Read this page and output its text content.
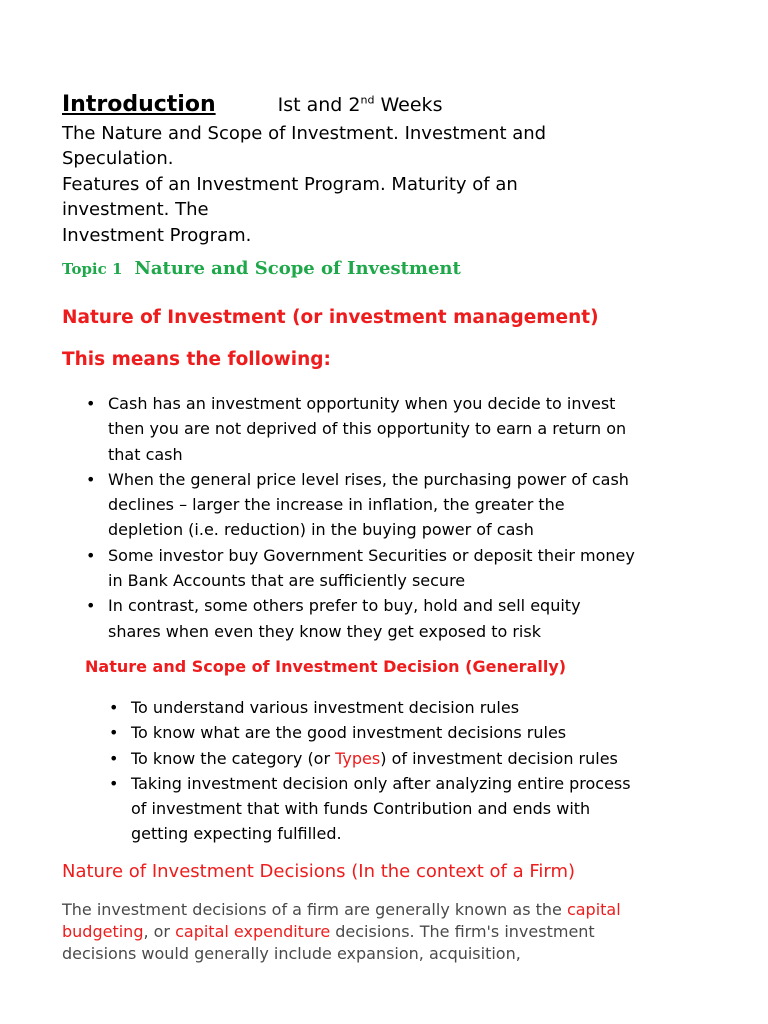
Introduction	Ist and 2nd Weeks
The Nature and Scope of Investment. Investment and
Speculation.
Features of an Investment Program. Maturity of an
investment. The
Investment Program.
Topic 1 Nature and Scope of Investment
Nature of Investment (or investment management)
This means the following:
• Cash has an investment opportunity when you decide to invest
then you are not deprived of this opportunity to earn a return on
that cash
• When the general price level rises, the purchasing power of cash
declines – larger the increase in inflation, the greater the
depletion (i.e. reduction) in the buying power of cash
• Some investor buy Government Securities or deposit their money
in Bank Accounts that are sufficiently secure
• In contrast, some others prefer to buy, hold and sell equity
shares when even they know they get exposed to risk
Nature and Scope of Investment Decision (Generally)
• To understand various investment decision rules
• To know what are the good investment decisions rules
• To know the category (or Types) of investment decision rules
• Taking investment decision only after analyzing entire process
of investment that with funds Contribution and ends with
getting expecting fulfilled.
Nature of Investment Decisions (In the context of a Firm)
The investment decisions of a firm are generally known as the capital
budgeting, or capital expenditure decisions. The firm's investment
decisions would generally include expansion, acquisition,
